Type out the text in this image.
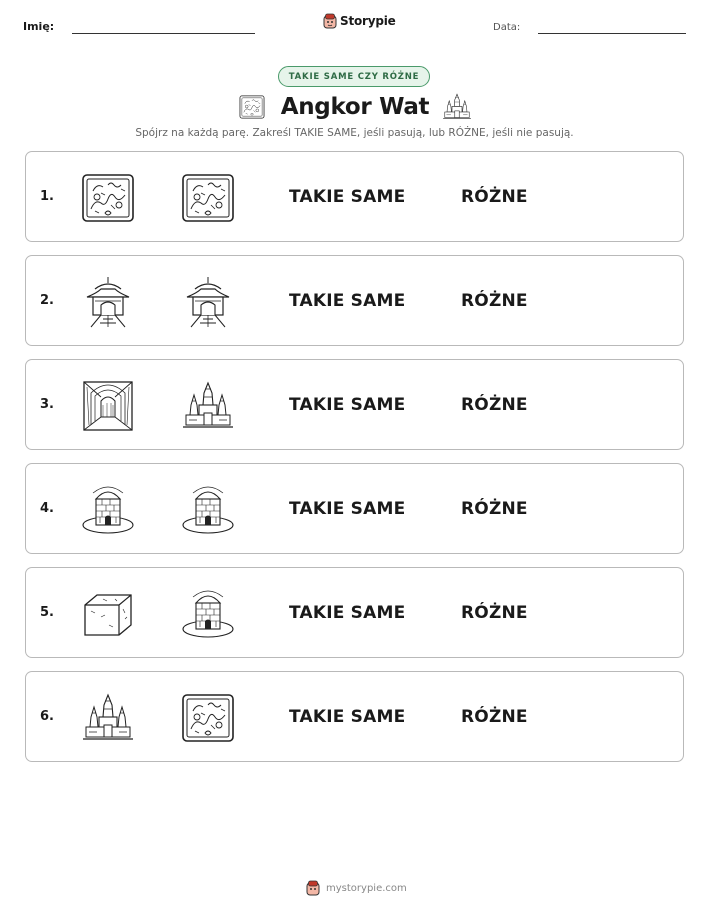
Imię:	Storypie	Data:
TAKIE SAME CZY RÓŻNE
Angkor Wat
Spójrz na każdą parę. Zakreśl TAKIE SAME, jeśli pasują, lub RÓŻNE, jeśli nie pasują.
1.	TAKIE SAME	RÓŻNE
2.	TAKIE SAME	RÓŻNE
3.	TAKIE SAME	RÓŻNE
4.	TAKIE SAME	RÓŻNE
5.	TAKIE SAME	RÓŻNE
6.	TAKIE SAME	RÓŻNE
mystorypie.com
